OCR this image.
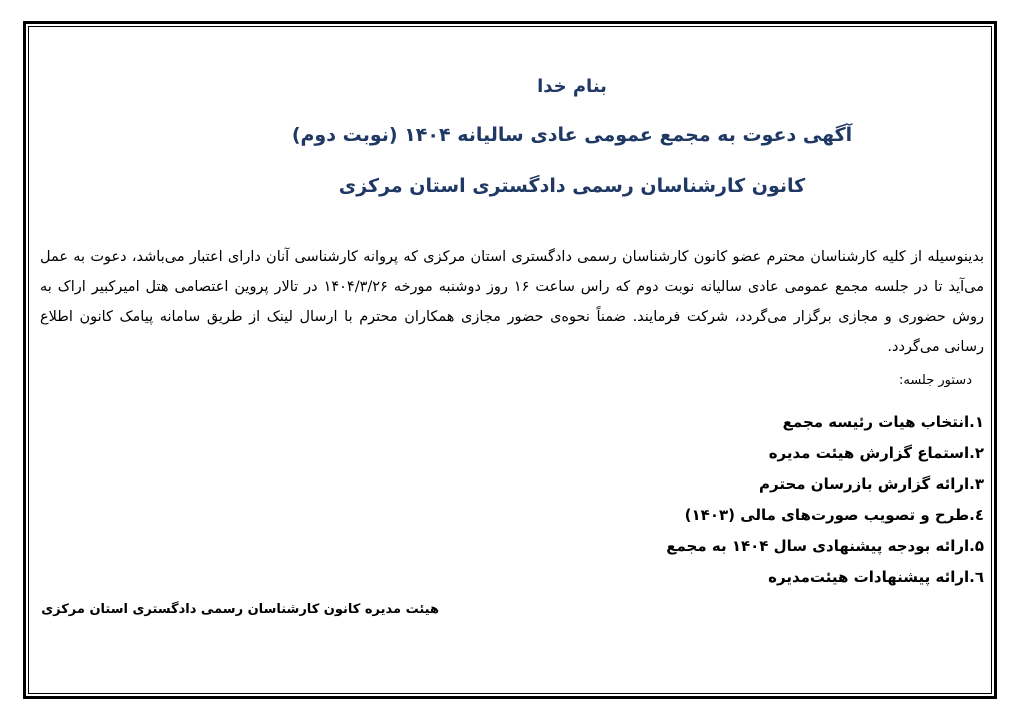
بنام خدا
آگهی دعوت به مجمع عمومی عادی سالیانه ۱۴۰۴ (نوبت دوم)
کانون کارشناسان رسمی دادگستری استان مرکزی
بدینوسیله از کلیه کارشناسان محترم عضو کانون کارشناسان رسمی دادگستری استان مرکزی که پروانه کارشناسی آنان دارای اعتبار می‌باشد، دعوت به عمل می‌آید تا در جلسه مجمع عمومی عادی سالیانه نوبت دوم که راس ساعت ۱۶ روز دوشنبه مورخه ۱۴۰۴/۳/۲۶ در تالار پروین اعتصامی هتل امیرکبیر اراک به روش حضوری و مجازی برگزار می‌گردد، شرکت فرمایند. ضمناً نحوه‌ی حضور مجازی همکاران محترم با ارسال لینک از طریق سامانه پیامک کانون اطلاع رسانی می‌گردد.
دستور جلسه:
۱.انتخاب هیات رئیسه مجمع
۲.استماع گزارش هیئت مدیره
۳.ارائه گزارش بازرسان محترم
٤.طرح و تصویب صورت‌های مالی (۱۴۰۳)
۵.ارائه بودجه پیشنهادی سال ۱۴۰۴ به مجمع
٦.ارائه پیشنهادات هیئت‌مدیره
هیئت مدیره کانون کارشناسان رسمی دادگستری استان مرکزی
